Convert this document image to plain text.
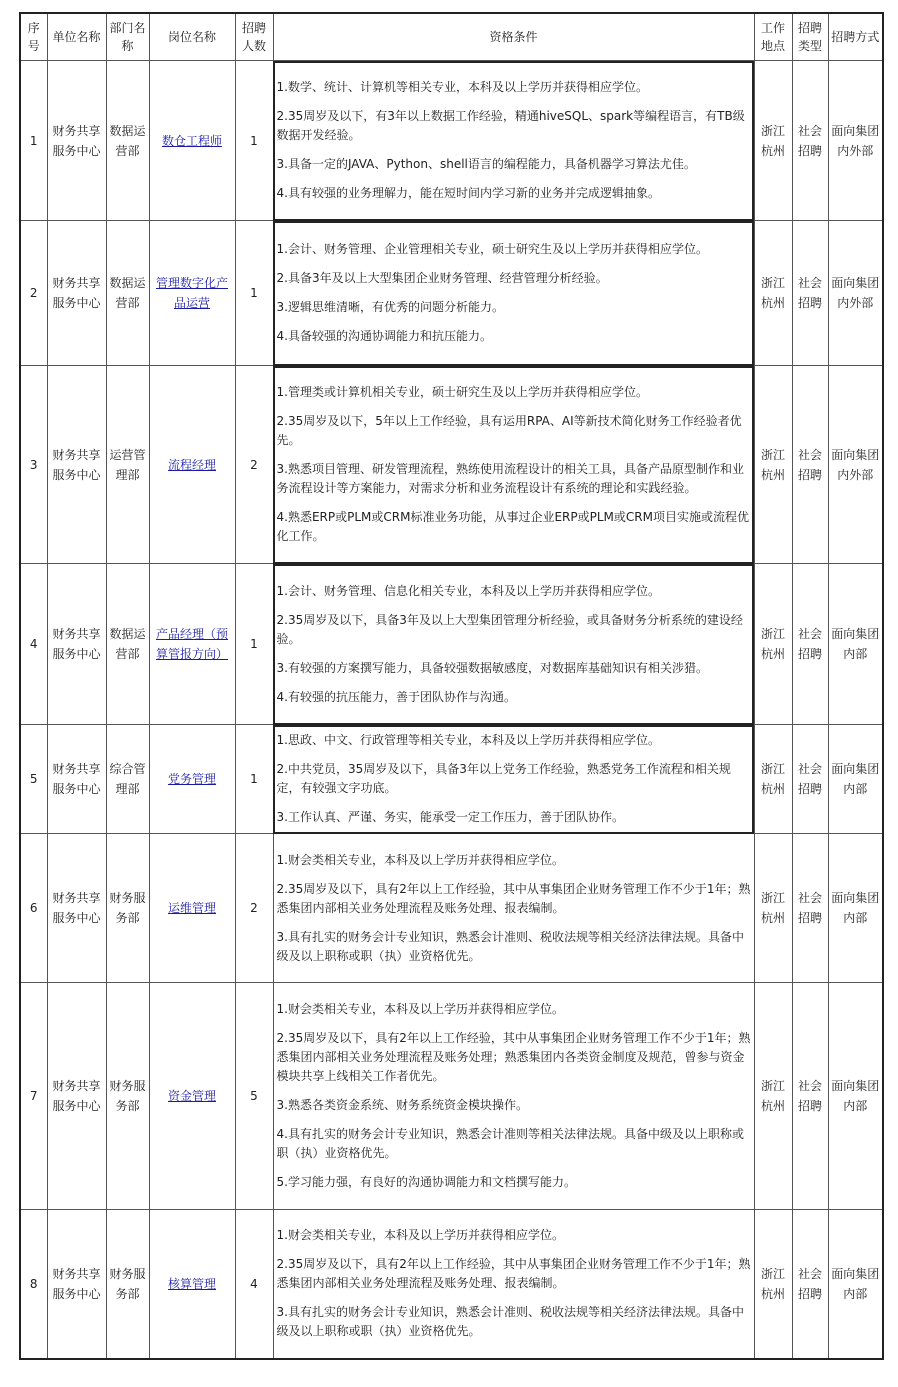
序号	单位名称	部门名称	岗位名称	招聘人数	资格条件	工作地点	招聘类型	招聘方式
1	财务共享服务中心	数据运营部	数仓工程师	1	1.数学、统计、计算机等相关专业，本科及以上学历并获得相应学位。

2.35周岁及以下，有3年以上数据工作经验，精通hiveSQL、spark等编程语言，有TB级数据开发经验。

3.具备一定的JAVA、Python、shell语言的编程能力，具备机器学习算法尤佳。

4.具有较强的业务理解力，能在短时间内学习新的业务并完成逻辑抽象。	浙江杭州	社会招聘	面向集团内外部
2	财务共享服务中心	数据运营部	管理数字化产品运营	1	1.会计、财务管理、企业管理相关专业，硕士研究生及以上学历并获得相应学位。

2.具备3年及以上大型集团企业财务管理、经营管理分析经验。

3.逻辑思维清晰，有优秀的问题分析能力。

4.具备较强的沟通协调能力和抗压能力。	浙江杭州	社会招聘	面向集团内外部
3	财务共享服务中心	运营管理部	流程经理	2	1.管理类或计算机相关专业，硕士研究生及以上学历并获得相应学位。

2.35周岁及以下，5年以上工作经验，具有运用RPA、AI等新技术简化财务工作经验者优先。

3.熟悉项目管理、研发管理流程，熟练使用流程设计的相关工具，具备产品原型制作和业务流程设计等方案能力，对需求分析和业务流程设计有系统的理论和实践经验。

4.熟悉ERP或PLM或CRM标准业务功能，从事过企业ERP或PLM或CRM项目实施或流程优化工作。	浙江杭州	社会招聘	面向集团内外部
4	财务共享服务中心	数据运营部	产品经理（预算管报方向）	1	1.会计、财务管理、信息化相关专业，本科及以上学历并获得相应学位。

2.35周岁及以下，具备3年及以上大型集团管理分析经验，或具备财务分析系统的建设经验。

3.有较强的方案撰写能力，具备较强数据敏感度，对数据库基础知识有相关涉猎。

4.有较强的抗压能力，善于团队协作与沟通。	浙江杭州	社会招聘	面向集团内部
5	财务共享服务中心	综合管理部	党务管理	1	1.思政、中文、行政管理等相关专业，本科及以上学历并获得相应学位。

2.中共党员，35周岁及以下，具备3年以上党务工作经验，熟悉党务工作流程和相关规定，有较强文字功底。

3.工作认真、严谨、务实，能承受一定工作压力，善于团队协作。	浙江杭州	社会招聘	面向集团内部
6	财务共享服务中心	财务服务部	运维管理	2	1.财会类相关专业，本科及以上学历并获得相应学位。

2.35周岁及以下，具有2年以上工作经验，其中从事集团企业财务管理工作不少于1年；熟悉集团内部相关业务处理流程及账务处理、报表编制。

3.具有扎实的财务会计专业知识，熟悉会计准则、税收法规等相关经济法律法规。具备中级及以上职称或职（执）业资格优先。	浙江杭州	社会招聘	面向集团内部
7	财务共享服务中心	财务服务部	资金管理	5	1.财会类相关专业，本科及以上学历并获得相应学位。

2.35周岁及以下，具有2年以上工作经验，其中从事集团企业财务管理工作不少于1年；熟悉集团内部相关业务处理流程及账务处理；熟悉集团内各类资金制度及规范，曾参与资金模块共享上线相关工作者优先。

3.熟悉各类资金系统、财务系统资金模块操作。

4.具有扎实的财务会计专业知识，熟悉会计准则等相关法律法规。具备中级及以上职称或职（执）业资格优先。

5.学习能力强，有良好的沟通协调能力和文档撰写能力。	浙江杭州	社会招聘	面向集团内部
8	财务共享服务中心	财务服务部	核算管理	4	1.财会类相关专业，本科及以上学历并获得相应学位。

2.35周岁及以下，具有2年以上工作经验，其中从事集团企业财务管理工作不少于1年；熟悉集团内部相关业务处理流程及账务处理、报表编制。

3.具有扎实的财务会计专业知识，熟悉会计准则、税收法规等相关经济法律法规。具备中级及以上职称或职（执）业资格优先。	浙江杭州	社会招聘	面向集团内部
